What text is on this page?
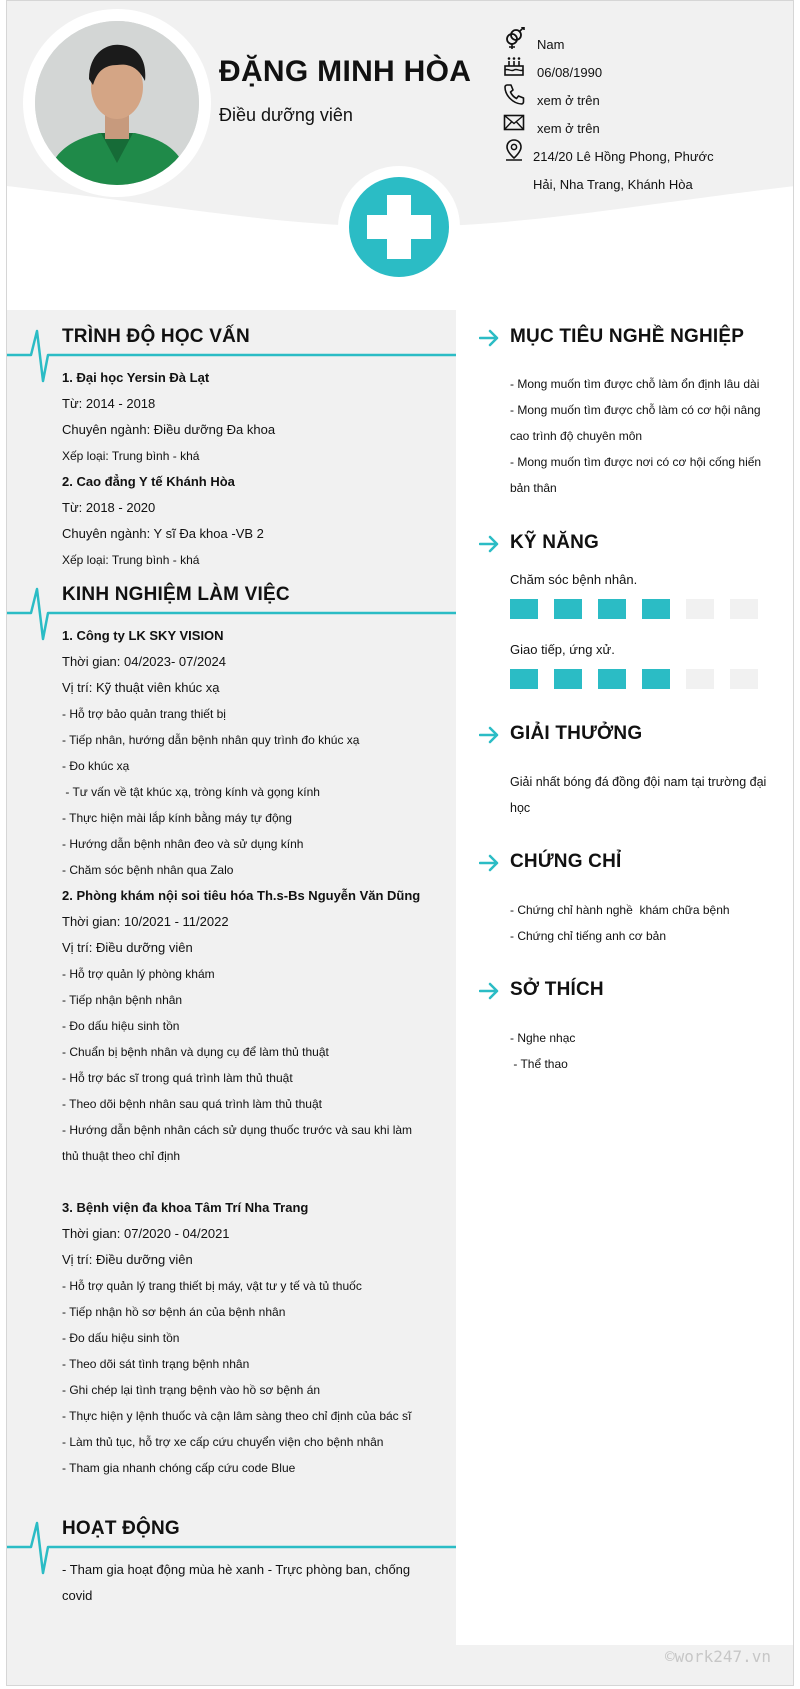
ĐẶNG MINH HÒA
Điều dưỡng viên
Nam
06/08/1990
xem ở trên
xem ở trên
214/20 Lê Hồng Phong, Phước
Hải, Nha Trang, Khánh Hòa
TRÌNH ĐỘ HỌC VẤN
1. Đại học Yersin Đà Lạt
Từ: 2014 - 2018
Chuyên ngành: Điều dưỡng Đa khoa
Xếp loại: Trung bình - khá
2. Cao đẳng Y tế Khánh Hòa
Từ: 2018 - 2020
Chuyên ngành: Y sĩ Đa khoa -VB 2
Xếp loại: Trung bình - khá
KINH NGHIỆM LÀM VIỆC
1. Công ty LK SKY VISION
Thời gian: 04/2023- 07/2024
Vị trí: Kỹ thuật viên khúc xạ
- Hỗ trợ bảo quản trang thiết bị
- Tiếp nhân, hướng dẫn bệnh nhân quy trình đo khúc xạ
- Đo khúc xạ
- Tư vấn về tật khúc xạ, tròng kính và gọng kính
- Thực hiện mài lắp kính bằng máy tự động
- Hướng dẫn bệnh nhân đeo và sử dụng kính
- Chăm sóc bệnh nhân qua Zalo
2. Phòng khám nội soi tiêu hóa Th.s-Bs Nguyễn Văn Dũng
Thời gian: 10/2021 - 11/2022
Vị trí: Điều dưỡng viên
- Hỗ trợ quản lý phòng khám
- Tiếp nhận bệnh nhân
- Đo dấu hiệu sinh tồn
- Chuẩn bị bệnh nhân và dụng cụ để làm thủ thuật
- Hỗ trợ bác sĩ trong quá trình làm thủ thuật
- Theo dõi bệnh nhân sau quá trình làm thủ thuật
- Hướng dẫn bệnh nhân cách sử dụng thuốc trước và sau khi làm thủ thuật theo chỉ định
3. Bệnh viện đa khoa Tâm Trí Nha Trang
Thời gian: 07/2020 - 04/2021
Vị trí: Điều dưỡng viên
- Hỗ trợ quản lý trang thiết bị máy, vật tư y tế và tủ thuốc
- Tiếp nhận hồ sơ bệnh án của bệnh nhân
- Đo dấu hiệu sinh tồn
- Theo dõi sát tình trạng bệnh nhân
- Ghi chép lại tình trạng bệnh vào hồ sơ bệnh án
- Thực hiện y lệnh thuốc và cận lâm sàng theo chỉ định của bác sĩ
- Làm thủ tục, hỗ trợ xe cấp cứu chuyển viện cho bệnh nhân
- Tham gia nhanh chóng cấp cứu code Blue
HOẠT ĐỘNG
- Tham gia hoạt động mùa hè xanh - Trực phòng ban, chống covid
MỤC TIÊU NGHỀ NGHIỆP
- Mong muốn tìm được chỗ làm ổn định lâu dài
- Mong muốn tìm được chỗ làm có cơ hội nâng cao trình độ chuyên môn
- Mong muốn tìm được nơi có cơ hội cống hiến bản thân
KỸ NĂNG
Chăm sóc bệnh nhân.
Giao tiếp, ứng xử.
GIẢI THƯỞNG
Giải nhất bóng đá đồng đội nam tại trường đại học
CHỨNG CHỈ
- Chứng chỉ hành nghề  khám chữa bệnh
- Chứng chỉ tiếng anh cơ bản
SỞ THÍCH
- Nghe nhạc
- Thể thao
©work247.vn
